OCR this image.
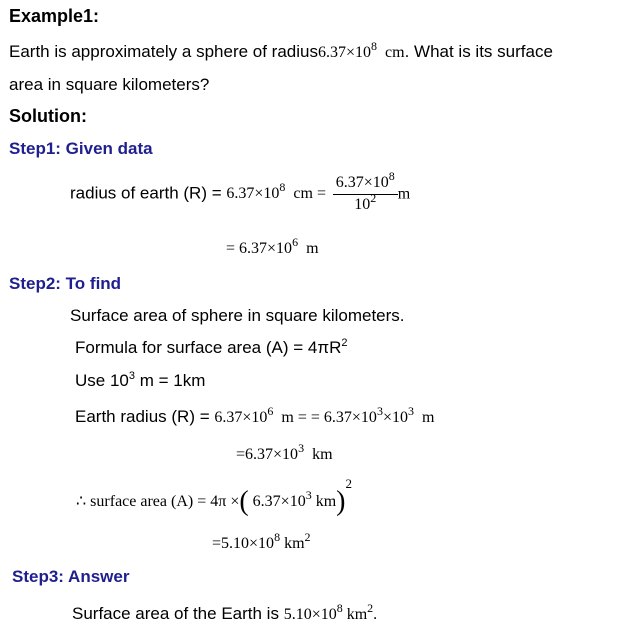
Example1:
Earth is approximately a sphere of $radius6.37\times 10^8$ cm. What is its surface
area in square kilometers?
Solution:
Step1: Given data
radius of earth $(R) = 6.37\times 10^8$ cm = $\frac{6.37\times 10^8}{10^2}$ m
= $6.37\times 10^6$ m
Step2: To find
Surface area of sphere in square kilometers.
Formula for surface area $(A) = 4\pi R^2$
Use $10^3$ m = 1km
Earth radius $(R) = 6.37\times 10^6$ m = = $6.37\times 10^3\times 10^3$ m
$=6.37\times 10^3$ km
∴ surface area (A) = 4π ×( $6.37\times 10^3$ km)$^2$
$=5.10\times 10^8$ $km^2$
Step3: Answer
Surface area of the Earth is $5.10\times 10^8$ $km^2$.
